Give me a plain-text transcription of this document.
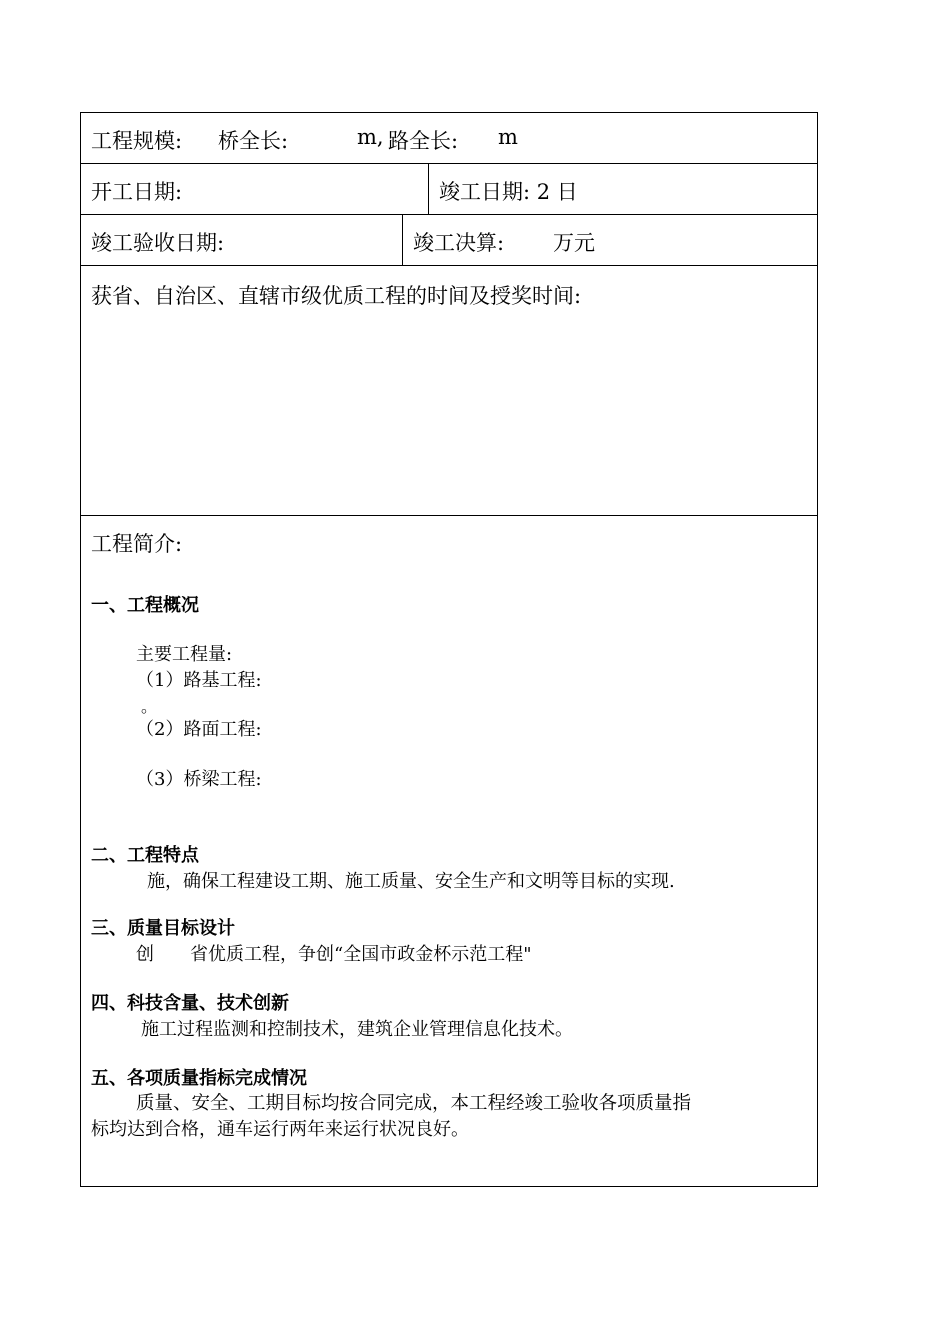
工程规模: 桥全长:	m, 路全长: m
开工日期:	竣工日期: 2 日
竣工验收日期:	竣工决算: 万元
获省、自治区、直辖市级优质工程的时间及授奖时间:
工程简介:
一、工程概况
主要工程量:
（1）路基工程:
。
（2）路面工程:
（3）桥梁工程:
二、工程特点
施，确保工程建设工期、施工质量、安全生产和文明等目标的实现.
三、质量目标设计
创 省优质工程，争创“全国市政金杯示范工程"
四、科技含量、技术创新
施工过程监测和控制技术，建筑企业管理信息化技术。
五、各项质量指标完成情况
质量、安全、工期目标均按合同完成，本工程经竣工验收各项质量指
标均达到合格，通车运行两年来运行状况良好。
